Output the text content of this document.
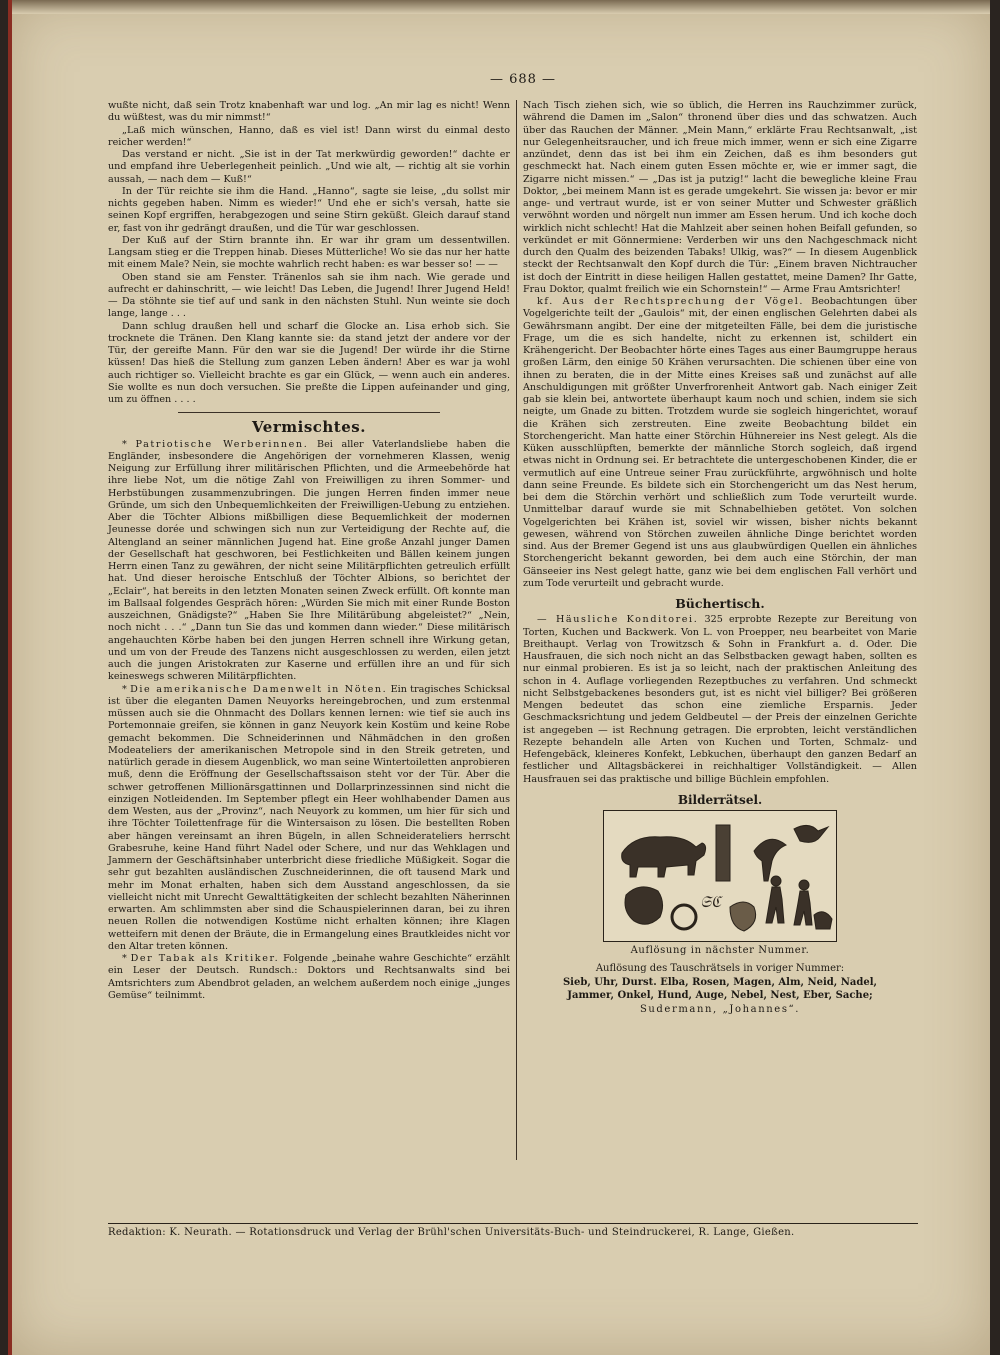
— 688 —

wußte nicht, daß sein Trotz knabenhaft war und log. „An mir lag es nicht! Wenn du wüßtest, was du mir nimmst!“

„Laß mich wünschen, Hanno, daß es viel ist! Dann wirst du einmal desto reicher werden!“

Das verstand er nicht. „Sie ist in der Tat merkwürdig geworden!“ dachte er und empfand ihre Ueberlegenheit peinlich. „Und wie alt, — richtig alt sie vorhin aussah, — nach dem — Kuß!“

In der Tür reichte sie ihm die Hand. „Hanno“, sagte sie leise, „du sollst mir nichts gegeben haben. Nimm es wieder!“ Und ehe er sich's versah, hatte sie seinen Kopf ergriffen, herabgezogen und seine Stirn geküßt. Gleich darauf stand er, fast von ihr gedrängt draußen, und die Tür war geschlossen.

Der Kuß auf der Stirn brannte ihn. Er war ihr gram um dessentwillen. Langsam stieg er die Treppen hinab. Dieses Mütterliche! Wo sie das nur her hatte mit einem Male? Nein, sie mochte wahrlich recht haben: es war besser so! — —

Oben stand sie am Fenster. Tränenlos sah sie ihm nach. Wie gerade und aufrecht er dahinschritt, — wie leicht! Das Leben, die Jugend! Ihrer Jugend Held! — Da stöhnte sie tief auf und sank in den nächsten Stuhl. Nun weinte sie doch lange, lange . . .

Dann schlug draußen hell und scharf die Glocke an. Lisa erhob sich. Sie trocknete die Tränen. Den Klang kannte sie: da stand jetzt der andere vor der Tür, der gereifte Mann. Für den war sie die Jugend! Der würde ihr die Stirne küssen! Das hieß die Stellung zum ganzen Leben ändern! Aber es war ja wohl auch richtiger so. Vielleicht brachte es gar ein Glück, — wenn auch ein anderes. Sie wollte es nun doch versuchen. Sie preßte die Lippen aufeinander und ging, um zu öffnen . . . .

Vermischtes.

* Patriotische Werberinnen. Bei aller Vaterlandsliebe haben die Engländer, insbesondere die Angehörigen der vornehmeren Klassen, wenig Neigung zur Erfüllung ihrer militärischen Pflichten, und die Armeebehörde hat ihre liebe Not, um die nötige Zahl von Freiwilligen zu ihren Sommer- und Herbstübungen zusammenzubringen. Die jungen Herren finden immer neue Gründe, um sich den Unbequemlichkeiten der Freiwilligen-Uebung zu entziehen. Aber die Töchter Albions mißbilligen diese Bequemlichkeit der modernen Jeunesse dorée und schwingen sich nun zur Verteidigung der Rechte auf, die Altengland an seiner männlichen Jugend hat. Eine große Anzahl junger Damen der Gesellschaft hat geschworen, bei Festlichkeiten und Bällen keinem jungen Herrn einen Tanz zu gewähren, der nicht seine Militärpflichten getreulich erfüllt hat. Und dieser heroische Entschluß der Töchter Albions, so berichtet der „Eclair“, hat bereits in den letzten Monaten seinen Zweck erfüllt. Oft konnte man im Ballsaal folgendes Gespräch hören: „Würden Sie mich mit einer Runde Boston auszeichnen, Gnädigste?“ „Haben Sie Ihre Militärübung abgeleistet?“ „Nein, noch nicht . . .“ „Dann tun Sie das und kommen dann wieder.“ Diese militärisch angehauchten Körbe haben bei den jungen Herren schnell ihre Wirkung getan, und um von der Freude des Tanzens nicht ausgeschlossen zu werden, eilen jetzt auch die jungen Aristokraten zur Kaserne und erfüllen ihre an und für sich keineswegs schweren Militärpflichten.

* Die amerikanische Damenwelt in Nöten. Ein tragisches Schicksal ist über die eleganten Damen Neuyorks hereingebrochen, und zum erstenmal müssen auch sie die Ohnmacht des Dollars kennen lernen: wie tief sie auch ins Portemonnaie greifen, sie können in ganz Neuyork kein Kostüm und keine Robe gemacht bekommen. Die Schneiderinnen und Nähmädchen in den großen Modeateliers der amerikanischen Metropole sind in den Streik getreten, und natürlich gerade in diesem Augenblick, wo man seine Wintertoiletten anprobieren muß, denn die Eröffnung der Gesellschaftssaison steht vor der Tür. Aber die schwer getroffenen Millionärsgattinnen und Dollarprinzessinnen sind nicht die einzigen Notleidenden. Im September pflegt ein Heer wohlhabender Damen aus dem Westen, aus der „Provinz“, nach Neuyork zu kommen, um hier für sich und ihre Töchter Toilettenfrage für die Wintersaison zu lösen. Die bestellten Roben aber hängen vereinsamt an ihren Bügeln, in allen Schneiderateliers herrscht Grabesruhe, keine Hand führt Nadel oder Schere, und nur das Wehklagen und Jammern der Geschäftsinhaber unterbricht diese friedliche Müßigkeit. Sogar die sehr gut bezahlten ausländischen Zuschneiderinnen, die oft tausend Mark und mehr im Monat erhalten, haben sich dem Ausstand angeschlossen, da sie vielleicht nicht mit Unrecht Gewalttätigkeiten der schlecht bezahlten Näherinnen erwarten. Am schlimmsten aber sind die Schauspielerinnen daran, bei zu ihren neuen Rollen die notwendigen Kostüme nicht erhalten können; ihre Klagen wetteifern mit denen der Bräute, die in Ermangelung eines Brautkleides nicht vor den Altar treten können.

* Der Tabak als Kritiker. Folgende „beinahe wahre Geschichte“ erzählt ein Leser der Deutsch. Rundsch.: Doktors und Rechtsanwalts sind bei Amtsrichters zum Abendbrot geladen, an welchem außerdem noch einige „junges Gemüse“ teilnimmt.

Nach Tisch ziehen sich, wie so üblich, die Herren ins Rauchzimmer zurück, während die Damen im „Salon“ thronend über dies und das schwatzen. Auch über das Rauchen der Männer. „Mein Mann,“ erklärte Frau Rechtsanwalt, „ist nur Gelegenheitsraucher, und ich freue mich immer, wenn er sich eine Zigarre anzündet, denn das ist bei ihm ein Zeichen, daß es ihm besonders gut geschmeckt hat. Nach einem guten Essen möchte er, wie er immer sagt, die Zigarre nicht missen.“ — „Das ist ja putzig!“ lacht die bewegliche kleine Frau Doktor, „bei meinem Mann ist es gerade umgekehrt. Sie wissen ja: bevor er mir ange- und vertraut wurde, ist er von seiner Mutter und Schwester gräßlich verwöhnt worden und nörgelt nun immer am Essen herum. Und ich koche doch wirklich nicht schlecht! Hat die Mahlzeit aber seinen hohen Beifall gefunden, so verkündet er mit Gönnermiene: Verderben wir uns den Nachgeschmack nicht durch den Qualm des beizenden Tabaks! Ulkig, was?“ — In diesem Augenblick steckt der Rechtsanwalt den Kopf durch die Tür: „Einem braven Nichtraucher ist doch der Eintritt in diese heiligen Hallen gestattet, meine Damen? Ihr Gatte, Frau Doktor, qualmt freilich wie ein Schornstein!“ — Arme Frau Amtsrichter!

kf. Aus der Rechtsprechung der Vögel. Beobachtungen über Vogelgerichte teilt der „Gaulois“ mit, der einen englischen Gelehrten dabei als Gewährsmann angibt. Der eine der mitgeteilten Fälle, bei dem die juristische Frage, um die es sich handelte, nicht zu erkennen ist, schildert ein Krähengericht. Der Beobachter hörte eines Tages aus einer Baumgruppe heraus großen Lärm, den einige 50 Krähen verursachten. Die schienen über eine von ihnen zu beraten, die in der Mitte eines Kreises saß und zunächst auf alle Anschuldigungen mit größter Unverfrorenheit Antwort gab. Nach einiger Zeit gab sie klein bei, antwortete überhaupt kaum noch und schien, indem sie sich neigte, um Gnade zu bitten. Trotzdem wurde sie sogleich hingerichtet, worauf die Krähen sich zerstreuten. Eine zweite Beobachtung bildet ein Storchengericht. Man hatte einer Störchin Hühnereier ins Nest gelegt. Als die Küken ausschlüpften, bemerkte der männliche Storch sogleich, daß irgend etwas nicht in Ordnung sei. Er betrachtete die untergeschobenen Kinder, die er vermutlich auf eine Untreue seiner Frau zurückführte, argwöhnisch und holte dann seine Freunde. Es bildete sich ein Storchengericht um das Nest herum, bei dem die Störchin verhört und schließlich zum Tode verurteilt wurde. Unmittelbar darauf wurde sie mit Schnabelhieben getötet. Von solchen Vogelgerichten bei Krähen ist, soviel wir wissen, bisher nichts bekannt gewesen, während von Störchen zuweilen ähnliche Dinge berichtet worden sind. Aus der Bremer Gegend ist uns aus glaubwürdigen Quellen ein ähnliches Storchengericht bekannt geworden, bei dem auch eine Störchin, der man Gänseeier ins Nest gelegt hatte, ganz wie bei dem englischen Fall verhört und zum Tode verurteilt und gebracht wurde.

Büchertisch.

— Häusliche Konditorei. 325 erprobte Rezepte zur Bereitung von Torten, Kuchen und Backwerk. Von L. von Proepper, neu bearbeitet von Marie Breithaupt. Verlag von Trowitzsch & Sohn in Frankfurt a. d. Oder. Die Hausfrauen, die sich noch nicht an das Selbstbacken gewagt haben, sollten es nur einmal probieren. Es ist ja so leicht, nach der praktischen Anleitung des schon in 4. Auflage vorliegenden Rezeptbuches zu verfahren. Und schmeckt nicht Selbstgebackenes besonders gut, ist es nicht viel billiger? Bei größeren Mengen bedeutet das schon eine ziemliche Ersparnis. Jeder Geschmacksrichtung und jedem Geldbeutel — der Preis der einzelnen Gerichte ist angegeben — ist Rechnung getragen. Die erprobten, leicht verständlichen Rezepte behandeln alle Arten von Kuchen und Torten, Schmalz- und Hefengebäck, kleineres Konfekt, Lebkuchen, überhaupt den ganzen Bedarf an festlicher und Alltagsbäckerei in reichhaltiger Vollständigkeit. — Allen Hausfrauen sei das praktische und billige Büchlein empfohlen.

Bilderrätsel.
𝔖ℭ
Auflösung in nächster Nummer.
Auflösung des Tauschrätsels in voriger Nummer:
Sieb, Uhr, Durst. Elba, Rosen, Magen, Alm, Neid, Nadel,
Jammer, Onkel, Hund, Auge, Nebel, Nest, Eber, Sache;
Sudermann, „Johannes“.
Redaktion: K. Neurath. — Rotationsdruck und Verlag der Brühl'schen Universitäts-Buch- und Steindruckerei, R. Lange, Gießen.
